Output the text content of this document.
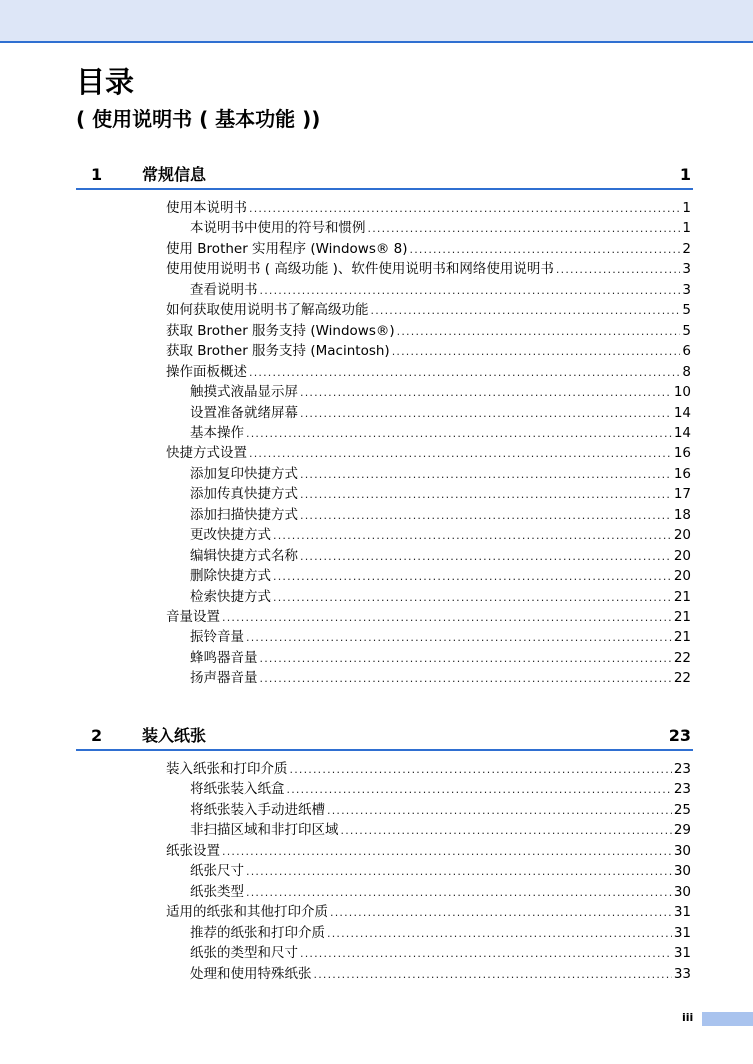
目录
( 使用说明书 ( 基本功能 ))
1 常规信息	1
使用本说明书 .....	1
本说明书中使用的符号和惯例 .....	1
使用 Brother 实用程序 (Windows® 8) .....	2
使用使用说明书 ( 高级功能 )、软件使用说明书和网络使用说明书 .....	3
查看说明书 .....	3
如何获取使用说明书了解高级功能 .....	5
获取 Brother 服务支持 (Windows®) .....	5
获取 Brother 服务支持 (Macintosh) .....	6
操作面板概述 .....	8
触摸式液晶显示屏 .....	10
设置准备就绪屏幕 .....	14
基本操作 .....	14
快捷方式设置 .....	16
添加复印快捷方式 .....	16
添加传真快捷方式 .....	17
添加扫描快捷方式 .....	18
更改快捷方式 .....	20
编辑快捷方式名称 .....	20
删除快捷方式 .....	20
检索快捷方式 .....	21
音量设置 .....	21
振铃音量 .....	21
蜂鸣器音量 .....	22
扬声器音量 .....	22
2 装入纸张	23
装入纸张和打印介质 .....	23
将纸张装入纸盒 .....	23
将纸张装入手动进纸槽 .....	25
非扫描区域和非打印区域 .....	29
纸张设置 .....	30
纸张尺寸 .....	30
纸张类型 .....	30
适用的纸张和其他打印介质 .....	31
推荐的纸张和打印介质 .....	31
纸张的类型和尺寸 .....	31
处理和使用特殊纸张 .....	33
iii
